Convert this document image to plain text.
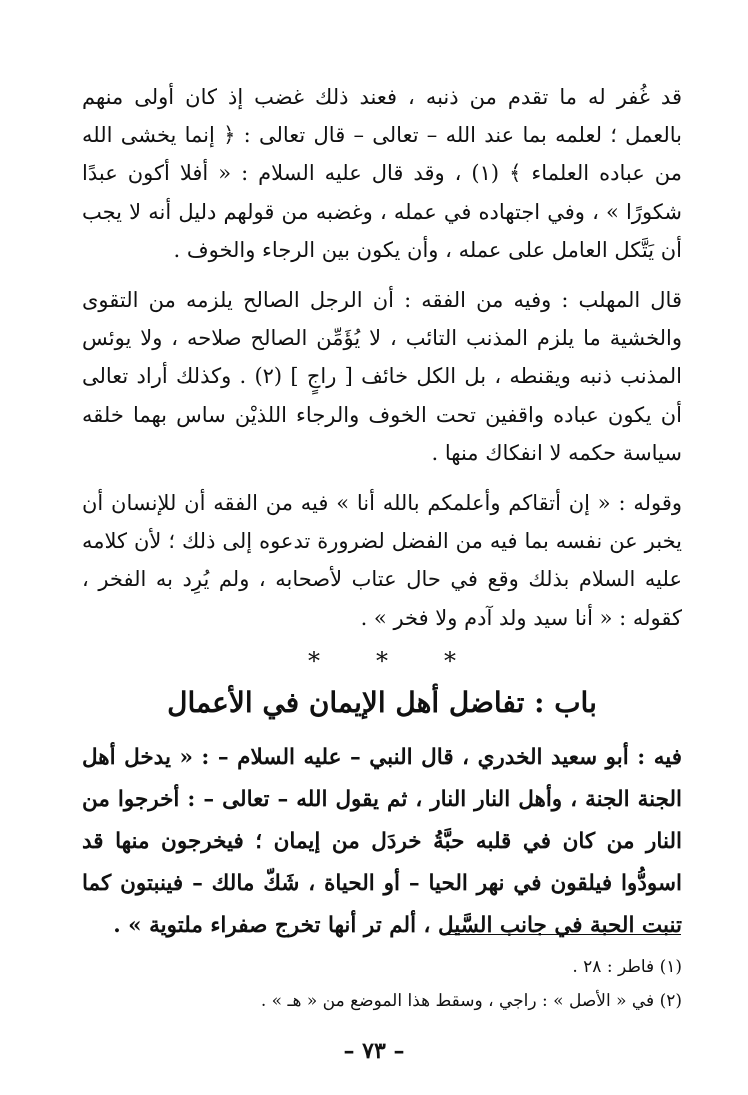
قد غُفر له ما تقدم من ذنبه ، فعند ذلك غضب إذ كان أولى منهم بالعمل ؛ لعلمه بما عند الله – تعالى – قال تعالى : ﴿ إنما يخشى الله من عباده العلماء ﴾ (١) ، وقد قال عليه السلام : « أفلا أكون عبدًا شكورًا » ، وفي اجتهاده في عمله ، وغضبه من قولهم دليل أنه لا يجب أن يَتَّكل العامل على عمله ، وأن يكون بين الرجاء والخوف .

قال المهلب : وفيه من الفقه : أن الرجل الصالح يلزمه من التقوى والخشية ما يلزم المذنب التائب ، لا يُؤَمِّن الصالح صلاحه ، ولا يوئس المذنب ذنبه ويقنطه ، بل الكل خائف [ راجٍ ] (٢) . وكذلك أراد تعالى أن يكون عباده واقفين تحت الخوف والرجاء اللذيْن ساس بهما خلقه سياسة حكمه لا انفكاك منها .

وقوله : « إن أتقاكم وأعلمكم بالله أنا » فيه من الفقه أن للإنسان أن يخبر عن نفسه بما فيه من الفضل لضرورة تدعوه إلى ذلك ؛ لأن كلامه عليه السلام بذلك وقع في حال عتاب لأصحابه ، ولم يُرِد به الفخر ، كقوله : « أنا سيد ولد آدم ولا فخر » .

* * *
باب : تفاضل أهل الإيمان في الأعمال

فيه : أبو سعيد الخدري ، قال النبي – عليه السلام – : « يدخل أهل الجنة الجنة ، وأهل النار النار ، ثم يقول الله – تعالى – : أخرجوا من النار من كان في قلبه حبَّةُ خردَل من إيمان ؛ فيخرجون منها قد اسودُّوا فيلقون في نهر الحيا – أو الحياة ، شَكّ مالك – فينبتون كما تنبت الحبة في جانب السَّيل ، ألم تر أنها تخرج صفراء ملتوية » .

(١) فاطر : ٢٨ .

(٢) في « الأصل » : راجي ، وسقط هذا الموضع من « هـ » .

– ٧٣ –
